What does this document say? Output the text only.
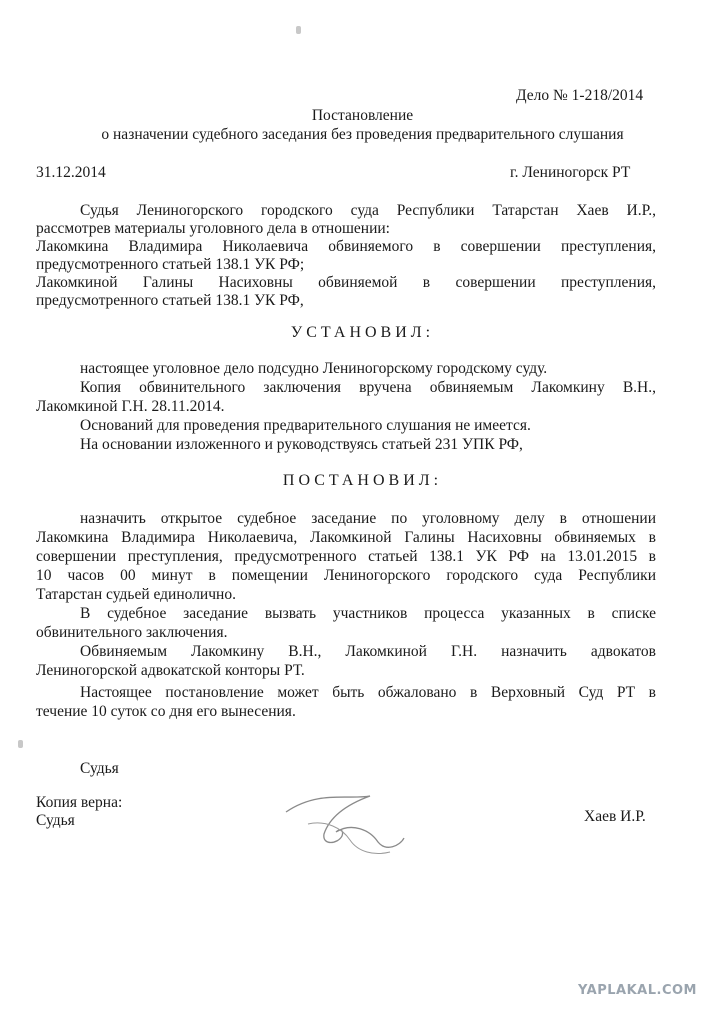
Дело № 1-218/2014
Постановление
о назначении судебного заседания без проведения предварительного слушания
31.12.2014	г. Лениногорск РТ
Судья Лениногорского городского суда Республики Татарстан Хаев И.Р.,
рассмотрев материалы уголовного дела в отношении:
Лакомкина Владимира Николаевича обвиняемого в совершении преступления,
предусмотренного статьей 138.1 УК РФ;
Лакомкиной Галины Насиховны обвиняемой в совершении преступления,
предусмотренного статьей 138.1 УК РФ,
УСТАНОВИЛ:
настоящее уголовное дело подсудно Лениногорскому городскому суду.
Копия обвинительного заключения вручена обвиняемым Лакомкину В.Н.,
Лакомкиной Г.Н. 28.11.2014.
Оснований для проведения предварительного слушания не имеется.
На основании изложенного и руководствуясь статьей 231 УПК РФ,
ПОСТАНОВИЛ:
назначить открытое судебное заседание по уголовному делу в отношении
Лакомкина Владимира Николаевича, Лакомкиной Галины Насиховны обвиняемых в
совершении преступления, предусмотренного статьей 138.1 УК РФ на 13.01.2015 в
10 часов 00 минут в помещении Лениногорского городского суда Республики
Татарстан судьей единолично.
В судебное заседание вызвать участников процесса указанных в списке
обвинительного заключения.
Обвиняемым Лакомкину В.Н., Лакомкиной Г.Н. назначить адвокатов
Лениногорской адвокатской конторы РТ.
Настоящее постановление может быть обжаловано в Верховный Суд РТ в
течение 10 суток со дня его вынесения.
Судья
Копия верна:
Судья	Хаев И.Р.
YAPLAKAL.COM
